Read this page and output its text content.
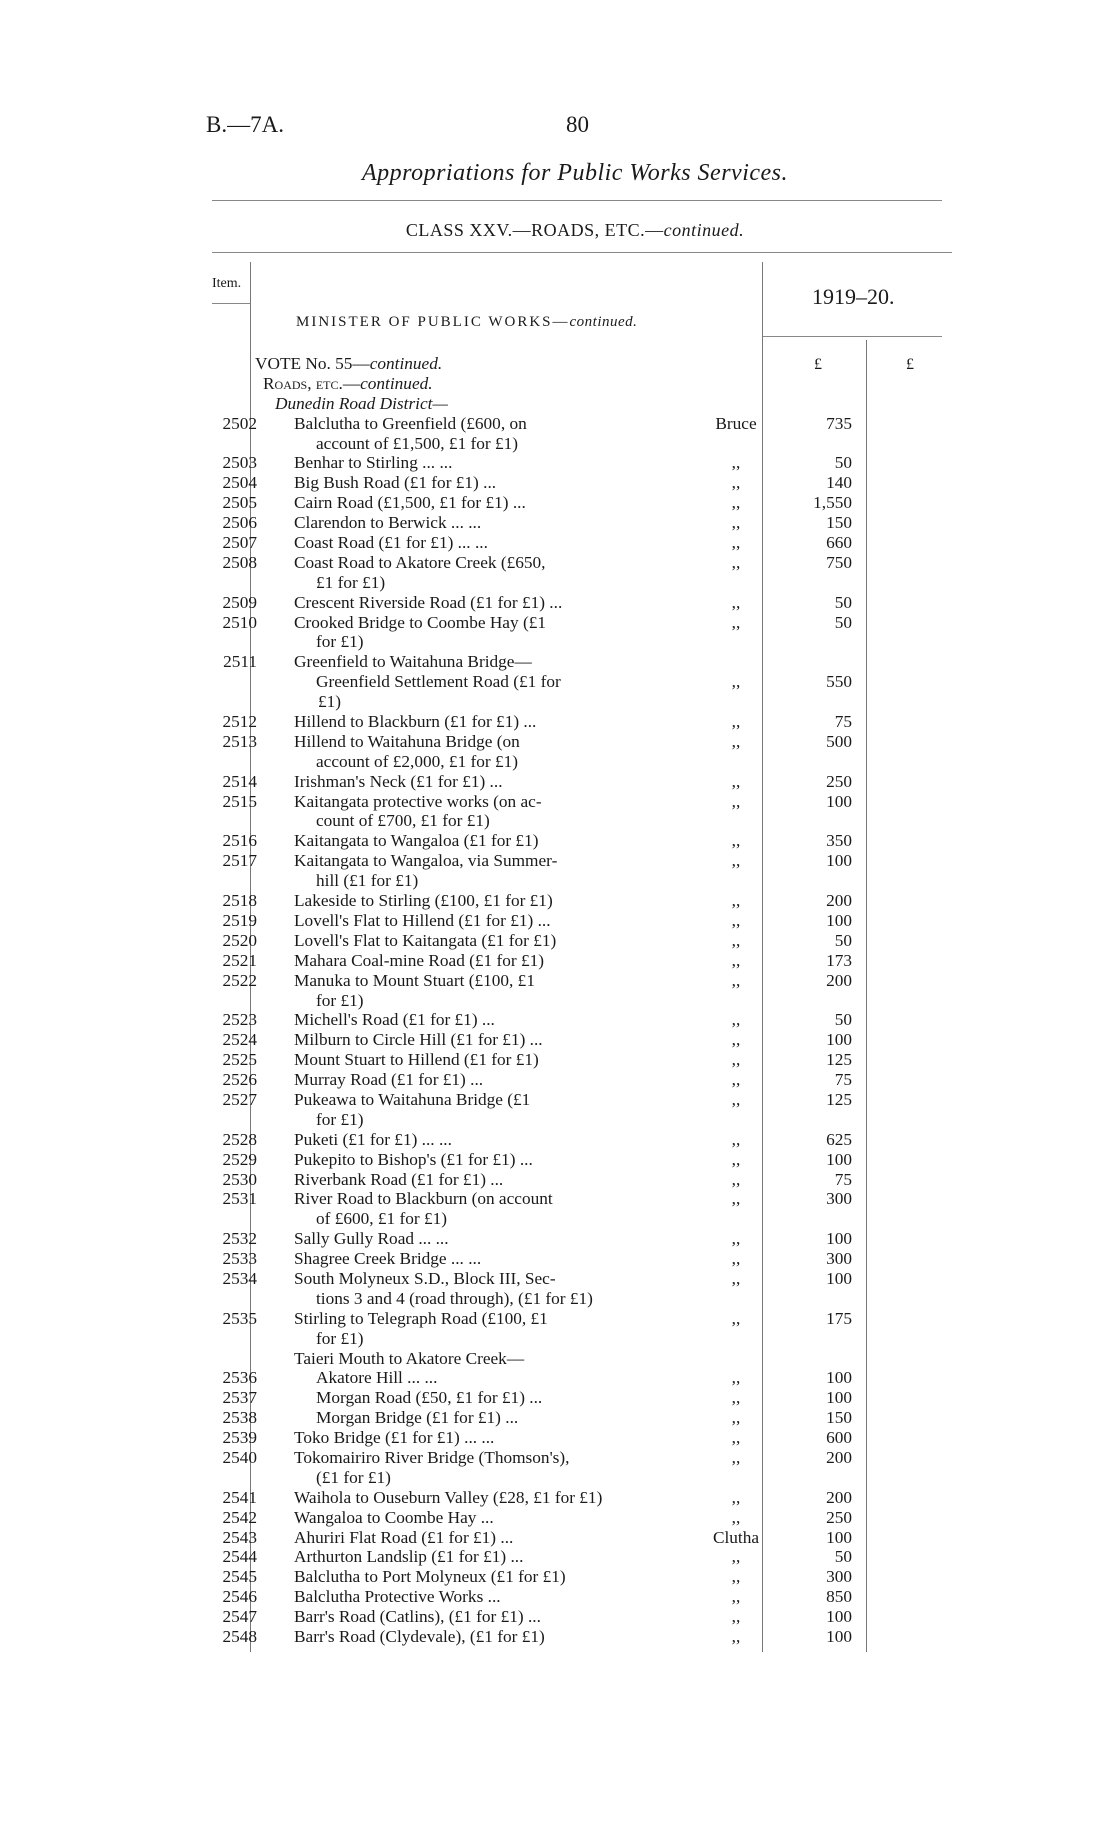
B.—7A.	80
Appropriations for Public Works Services.
CLASS XXV.—ROADS, ETC.—continued.
Item.
MINISTER OF PUBLIC WORKS—continued.
1919–20.
£	£
VOTE No. 55—continued.
Roads, etc.—continued.
Dunedin Road District—
2502 Balclutha to Greenfield (£600, on	Bruce	735
account of £1,500, £1 for £1)
2503 Benhar to Stirling ... ...	,,	50
2504 Big Bush Road (£1 for £1) ...	,,	140
2505 Cairn Road (£1,500, £1 for £1) ...	,,	1,550
2506 Clarendon to Berwick ... ...	,,	150
2507 Coast Road (£1 for £1) ... ...	,,	660
2508 Coast Road to Akatore Creek (£650,	,,	750
£1 for £1)
2509 Crescent Riverside Road (£1 for £1) ...	,,	50
2510 Crooked Bridge to Coombe Hay (£1	,,	50
for £1)
2511 Greenfield to Waitahuna Bridge—
Greenfield Settlement Road (£1 for	,,	550
£1)
2512 Hillend to Blackburn (£1 for £1) ...	,,	75
2513 Hillend to Waitahuna Bridge (on	,,	500
account of £2,000, £1 for £1)
2514 Irishman's Neck (£1 for £1) ...	,,	250
2515 Kaitangata protective works (on ac-	,,	100
count of £700, £1 for £1)
2516 Kaitangata to Wangaloa (£1 for £1)	,,	350
2517 Kaitangata to Wangaloa, via Summer-	,,	100
hill (£1 for £1)
2518 Lakeside to Stirling (£100, £1 for £1)	,,	200
2519 Lovell's Flat to Hillend (£1 for £1) ...	,,	100
2520 Lovell's Flat to Kaitangata (£1 for £1)	,,	50
2521 Mahara Coal-mine Road (£1 for £1)	,,	173
2522 Manuka to Mount Stuart (£100, £1	,,	200
for £1)
2523 Michell's Road (£1 for £1) ...	,,	50
2524 Milburn to Circle Hill (£1 for £1) ...	,,	100
2525 Mount Stuart to Hillend (£1 for £1)	,,	125
2526 Murray Road (£1 for £1) ...	,,	75
2527 Pukeawa to Waitahuna Bridge (£1	,,	125
for £1)
2528 Puketi (£1 for £1) ... ...	,,	625
2529 Pukepito to Bishop's (£1 for £1) ...	,,	100
2530 Riverbank Road (£1 for £1) ...	,,	75
2531 River Road to Blackburn (on account	,,	300
of £600, £1 for £1)
2532 Sally Gully Road ... ...	,,	100
2533 Shagree Creek Bridge ... ...	,,	300
2534 South Molyneux S.D., Block III, Sec-	,,	100
tions 3 and 4 (road through), (£1 for £1)
2535 Stirling to Telegraph Road (£100, £1	,,	175
for £1)
Taieri Mouth to Akatore Creek—
2536	Akatore Hill ... ...	,,	100
2537	Morgan Road (£50, £1 for £1) ...	,,	100
2538	Morgan Bridge (£1 for £1) ...	,,	150
2539 Toko Bridge (£1 for £1) ... ...	,,	600
2540 Tokomairiro River Bridge (Thomson's),	,,	200
(£1 for £1)
2541 Waihola to Ouseburn Valley (£28, £1 for £1)	,,	200
2542 Wangaloa to Coombe Hay ...	,,	250
2543 Ahuriri Flat Road (£1 for £1) ...	Clutha	100
2544 Arthurton Landslip (£1 for £1) ...	,,	50
2545 Balclutha to Port Molyneux (£1 for £1)	,,	300
2546 Balclutha Protective Works ...	,,	850
2547 Barr's Road (Catlins), (£1 for £1) ...	,,	100
2548 Barr's Road (Clydevale), (£1 for £1)	,,	100
